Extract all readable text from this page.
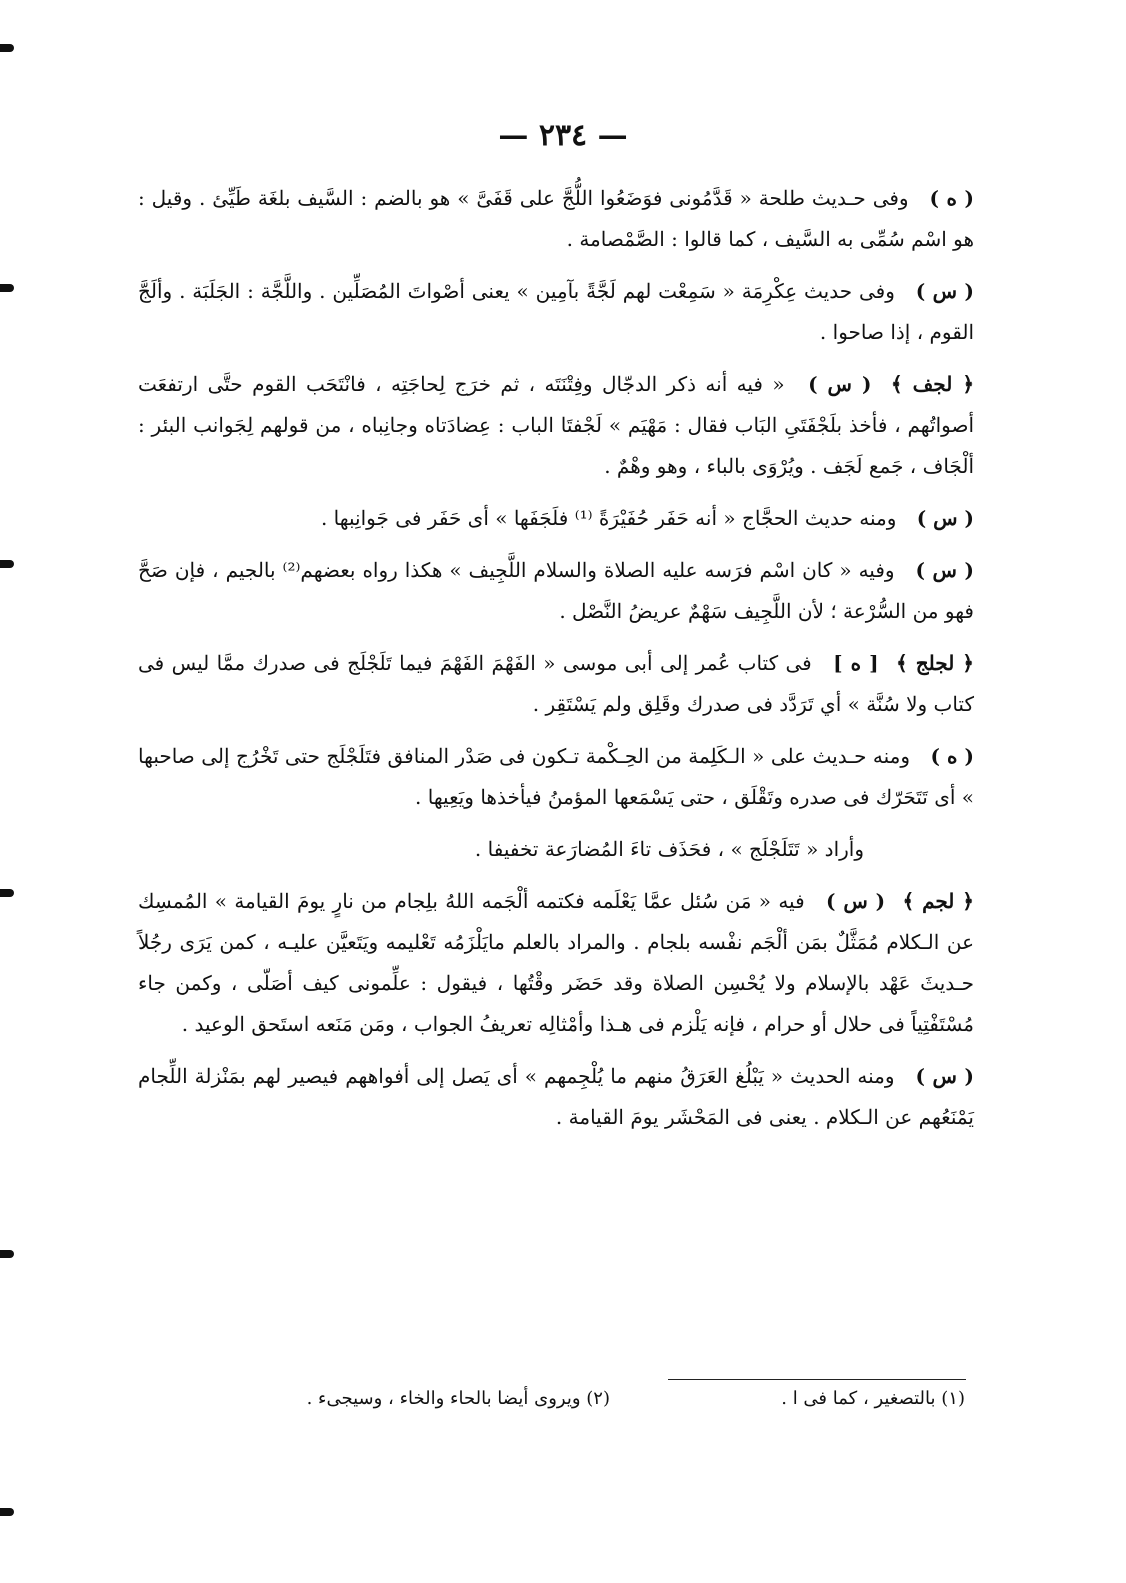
— ٢٣٤ —

( ه ) وفى حـديث طلحة « قَدَّمُونى فوَضَعُوا اللُّجَّ على قَفَىَّ » هو بالضم : السَّيف بلغَة طَيِّئ . وقيل : هو اسْم سُمِّى به السَّيف ، كما قالوا : الصَّمْصامة .

( س ) وفى حديث عِكْرِمَة « سَمِعْت لهم لَجَّةً بآمِين » يعنى أصْواتَ المُصَلِّين . واللَّجَّة : الجَلَبَة . وألَجَّ القوم ، إذا صاحوا .

﴿ لجف ﴾ ( س ) « فيه أنه ذكر الدجّال وفِتْنَتَه ، ثم خرَج لِحاجَتِه ، فانْتَحَب القوم حتَّى ارتفعَت أصواتُهم ، فأخذ بلَجْفَتَىِ البَاب فقال : مَهْيَم » لَجْفتَا الباب : عِضادَتاه وجانِباه ، من قولهم لِجَوانب البئر : ألْجَاف ، جَمع لَجَف . ويُرْوَى بالباء ، وهو وهْمٌ .

( س ) ومنه حديث الحجَّاج « أنه حَفَر حُفَيْرَةً ⁽¹⁾ فلَجَفَها » أى حَفَر فى جَوانِبها .

( س ) وفيه « كان اسْم فرَسه عليه الصلاة والسلام اللَّجِيف » هكذا رواه بعضهم⁽²⁾ بالجيم ، فإن صَحَّ فهو من السُّرْعة ؛ لأن اللَّجِيف سَهْمٌ عريضُ النَّصْل .

﴿ لجلج ﴾ [ ه ] فى كتاب عُمر إلى أبى موسى « الفَهْمَ الفَهْمَ فيما تَلَجْلَج فى صدرك ممَّا ليس فى كتاب ولا سُنَّة » أي تَرَدَّد فى صدرك وقَلِق ولم يَسْتَقِر .

( ه ) ومنه حـديث على « الـكَلِمة من الحِـكْمة تـكون فى صَدْر المنافق فتَلَجْلَج حتى تَخْرُج إلى صاحبها » أى تَتَحَرّك فى صدره وتَقْلَق ، حتى يَسْمَعها المؤمنُ فيأخذها ويَعِيها .

وأراد « تَتَلَجْلَج » ، فحَذَف تاءَ المُضارَعة تخفيفا .

﴿ لجم ﴾ ( س ) فيه « مَن سُئل عمَّا يَعْلَمه فكتمه ألْجَمه اللهُ بلِجام من نارٍ يومَ القيامة » المُمسِك عن الـكلام مُمَثَّلٌ بمَن ألْجَم نفْسه بلجام . والمراد بالعلم مايَلْزَمُه تَعْليمه ويَتَعيَّن عليـه ، كمن يَرَى رجُلاً حـديثَ عَهْد بالإسلام ولا يُحْسِن الصلاة وقد حَضَر وقْتُها ، فيقول : علِّمونى كيف أصَلّى ، وكمن جاء مُسْتَفْتِياً فى حلال أو حرام ، فإنه يَلْزم فى هـذا وأمْثالِه تعريفُ الجواب ، ومَن مَنَعه استَحق الوعيد .

( س ) ومنه الحديث « يَبْلُغ العَرَقُ منهم ما يُلْجِمهم » أى يَصل إلى أفواههم فيصير لهم بمَنْزلة اللِّجام يَمْنَعُهم عن الـكلام . يعنى فى المَحْشَر يومَ القيامة .

(١) بالتصغير ، كما فى ا .
(٢) ويروى أيضا بالحاء والخاء ، وسيجىء .
